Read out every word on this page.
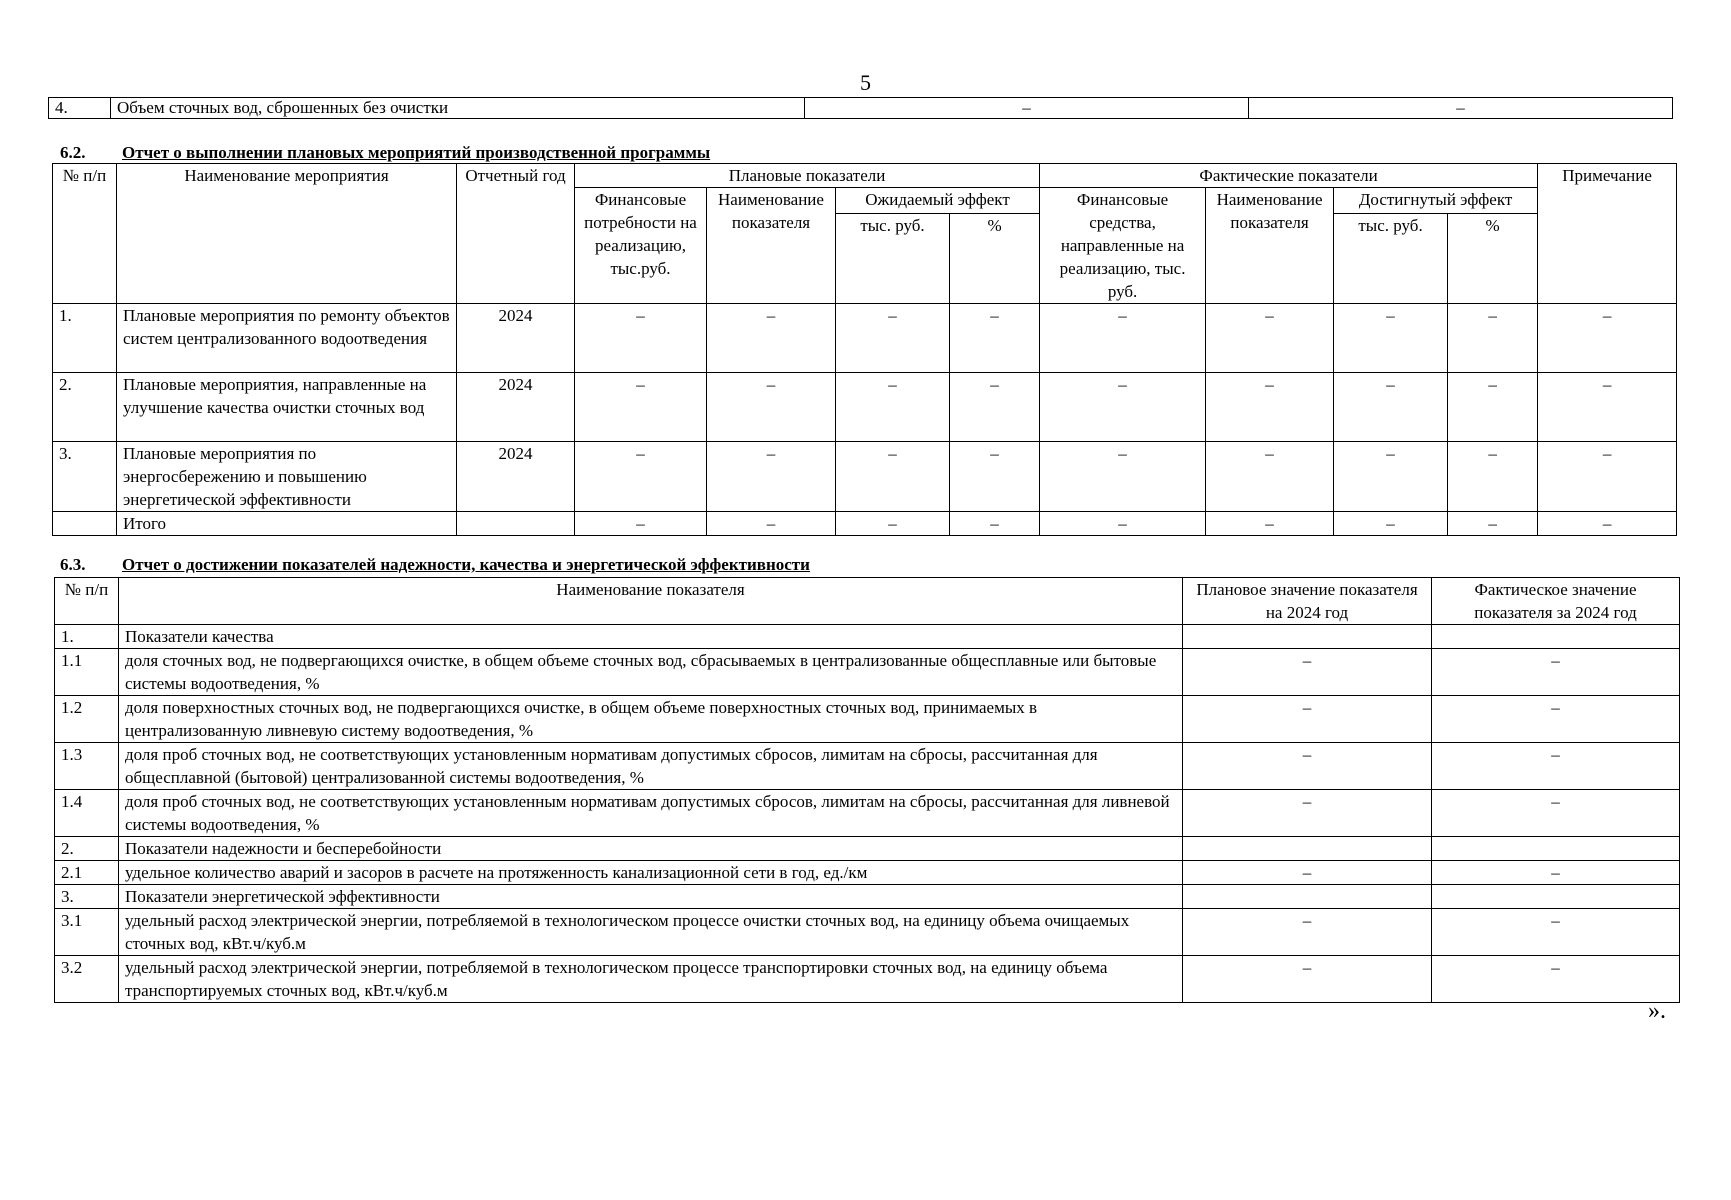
5
4.	Объем сточных вод, сброшенных без очистки	–	–
6.2. Отчет о выполнении плановых мероприятий производственной программы
№ п/п	Наименование мероприятия	Отчетный год	Плановые показатели				Фактические показатели				Примечание
			Финансовые потребности на реализацию, тыс.руб.	Наименование показателя	Ожидаемый эффект		Финансовые средства, направленные на реализацию, тыс. руб.	Наименование показателя	Достигнутый эффект		
					тыс. руб.	%			тыс. руб.	%	
1.	Плановые мероприятия по ремонту объектов систем централизованного водоотведения	2024	–	–	–	–	–	–	–	–	–
2.	Плановые мероприятия, направленные на улучшение качества очистки сточных вод	2024	–	–	–	–	–	–	–	–	–
3.	Плановые мероприятия по энергосбережению и повышению энергетической эффективности	2024	–	–	–	–	–	–	–	–	–
	Итого		–	–	–	–	–	–	–	–	–
6.3. Отчет о достижении показателей надежности, качества и энергетической эффективности
№ п/п	Наименование показателя	Плановое значение показателя на 2024 год	Фактическое значение показателя за 2024 год
1.	Показатели качества		
1.1	доля сточных вод, не подвергающихся очистке, в общем объеме сточных вод, сбрасываемых в централизованные общесплавные или бытовые системы водоотведения, %	–	–
1.2	доля поверхностных сточных вод, не подвергающихся очистке, в общем объеме поверхностных сточных вод, принимаемых в централизованную ливневую систему водоотведения, %	–	–
1.3	доля проб сточных вод, не соответствующих установленным нормативам допустимых сбросов, лимитам на сбросы, рассчитанная для общесплавной (бытовой) централизованной системы водоотведения, %	–	–
1.4	доля проб сточных вод, не соответствующих установленным нормативам допустимых сбросов, лимитам на сбросы, рассчитанная для ливневой системы водоотведения, %	–	–
2.	Показатели надежности и бесперебойности		
2.1	удельное количество аварий и засоров в расчете на протяженность канализационной сети в год, ед./км	–	–
3.	Показатели энергетической эффективности		
3.1	удельный расход электрической энергии, потребляемой в технологическом процессе очистки сточных вод, на единицу объема очищаемых сточных вод, кВт.ч/куб.м	–	–
3.2	удельный расход электрической энергии, потребляемой в технологическом процессе транспортировки сточных вод, на единицу объема транспортируемых сточных вод, кВт.ч/куб.м	–	–
».
